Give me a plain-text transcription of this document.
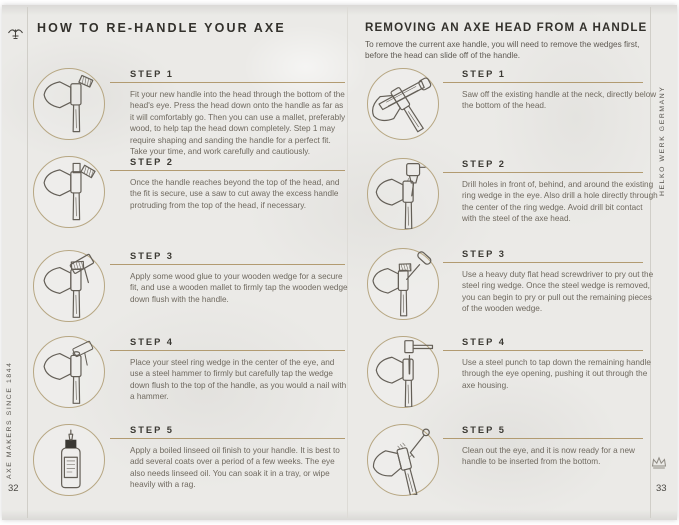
AXE MAKERS SINCE 1844
HELKO WERK GERMANY
32	33
HOW TO RE-HANDLE YOUR AXE	REMOVING AN AXE HEAD FROM A HANDLE
To remove the current axe handle, you will need to remove the wedges first, before the head can slide off of the handle.
STEP 1
Fit your new handle into the head through the bottom of the head's eye. Press the head down onto the handle as far as it will comfortably go. Then you can use a mallet, preferably wood, to help tap the head down completely. Step 1 may require shaping and sanding the handle for a perfect fit. Take your time, and work carefully and cautiously.
STEP 2
Once the handle reaches beyond the top of the head, and the fit is secure, use a saw to cut away the excess handle protruding from the top of the head, if necessary.
STEP 3
Apply some wood glue to your wooden wedge for a secure fit, and use a wooden mallet to firmly tap the wooden wedge down flush with the handle.
STEP 4
Place your steel ring wedge in the center of the eye, and use a steel hammer to firmly but carefully tap the wedge down flush to the top of the handle, as you would a nail with a hammer.
STEP 5
Apply a boiled linseed oil finish to your handle. It is best to add several coats over a period of a few weeks. The eye also needs linseed oil. You can soak it in a tray, or wipe heavily with a rag.
STEP 1
Saw off the existing handle at the neck, directly below the bottom of the head.
STEP 2
Drill holes in front of, behind, and around the existing ring wedge in the eye. Also drill a hole directly through the center of the ring wedge. Avoid drill bit contact with the steel of the axe head.
STEP 3
Use a heavy duty flat head screwdriver to pry out the steel ring wedge. Once the steel wedge is removed, you can begin to pry or pull out the remaining pieces of the wooden wedge.
STEP 4
Use a steel punch to tap down the remaining handle through the eye opening, pushing it out through the axe housing.
STEP 5
Clean out the eye, and it is now ready for a new handle to be inserted from the bottom.
